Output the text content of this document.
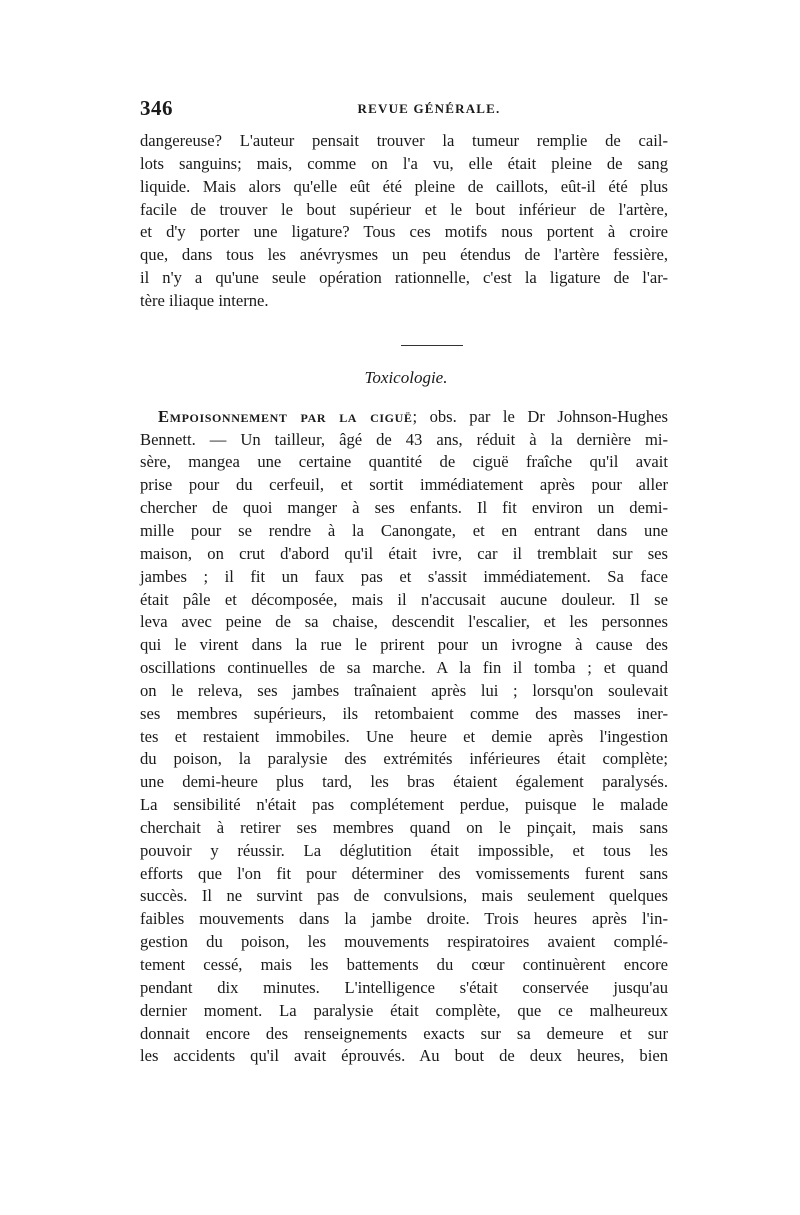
346	REVUE GÉNÉRALE.
dangereuse? L'auteur pensait trouver la tumeur remplie de cail-
lots sanguins; mais, comme on l'a vu, elle était pleine de sang
liquide. Mais alors qu'elle eût été pleine de caillots, eût-il été plus
facile de trouver le bout supérieur et le bout inférieur de l'artère,
et d'y porter une ligature? Tous ces motifs nous portent à croire
que, dans tous les anévrysmes un peu étendus de l'artère fessière,
il n'y a qu'une seule opération rationnelle, c'est la ligature de l'ar-
tère iliaque interne.
Toxicologie.
Empoisonnement par la ciguë; obs. par le Dr Johnson-Hughes
Bennett. — Un tailleur, âgé de 43 ans, réduit à la dernière mi-
sère, mangea une certaine quantité de ciguë fraîche qu'il avait
prise pour du cerfeuil, et sortit immédiatement après pour aller
chercher de quoi manger à ses enfants. Il fit environ un demi-
mille pour se rendre à la Canongate, et en entrant dans une
maison, on crut d'abord qu'il était ivre, car il tremblait sur ses
jambes ; il fit un faux pas et s'assit immédiatement. Sa face
était pâle et décomposée, mais il n'accusait aucune douleur. Il se
leva avec peine de sa chaise, descendit l'escalier, et les personnes
qui le virent dans la rue le prirent pour un ivrogne à cause des
oscillations continuelles de sa marche. A la fin il tomba ; et quand
on le releva, ses jambes traînaient après lui ; lorsqu'on soulevait
ses membres supérieurs, ils retombaient comme des masses iner-
tes et restaient immobiles. Une heure et demie après l'ingestion
du poison, la paralysie des extrémités inférieures était complète;
une demi-heure plus tard, les bras étaient également paralysés.
La sensibilité n'était pas complétement perdue, puisque le malade
cherchait à retirer ses membres quand on le pinçait, mais sans
pouvoir y réussir. La déglutition était impossible, et tous les
efforts que l'on fit pour déterminer des vomissements furent sans
succès. Il ne survint pas de convulsions, mais seulement quelques
faibles mouvements dans la jambe droite. Trois heures après l'in-
gestion du poison, les mouvements respiratoires avaient complé-
tement cessé, mais les battements du cœur continuèrent encore
pendant dix minutes. L'intelligence s'était conservée jusqu'au
dernier moment. La paralysie était complète, que ce malheureux
donnait encore des renseignements exacts sur sa demeure et sur
les accidents qu'il avait éprouvés. Au bout de deux heures, bien
